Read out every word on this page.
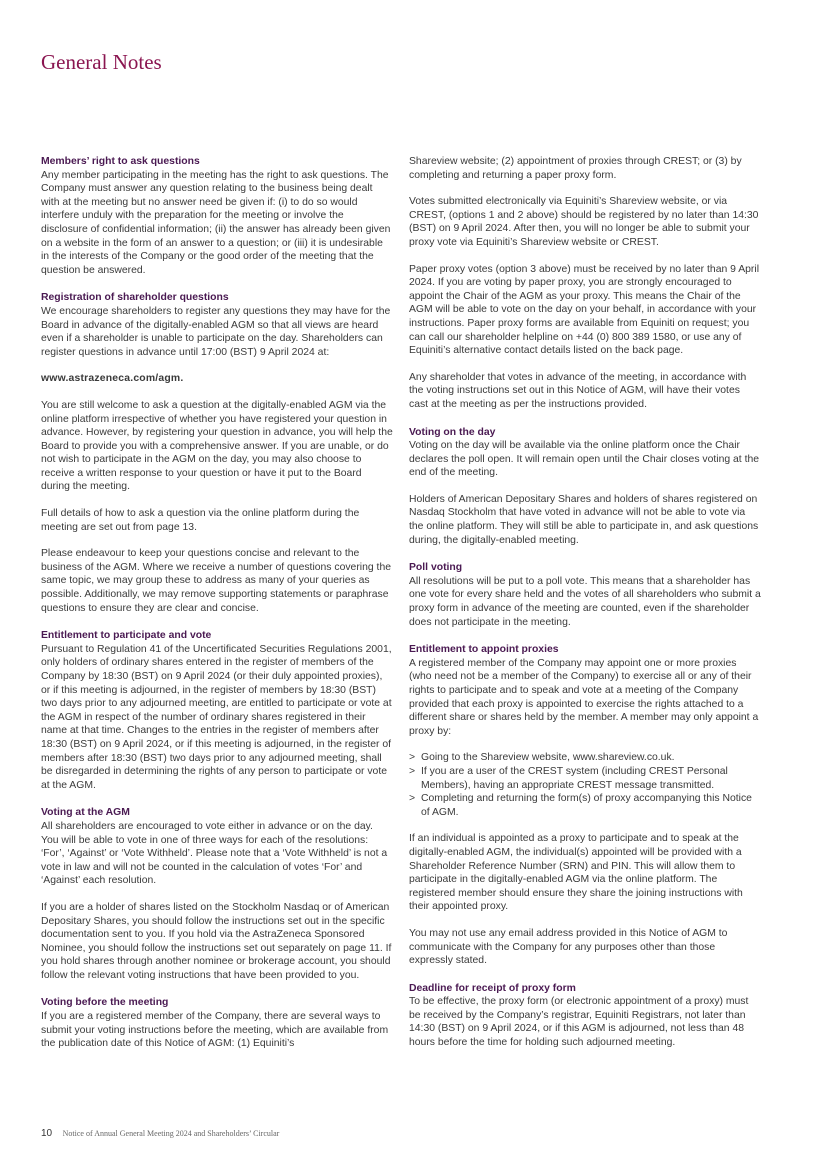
General Notes
Members’ right to ask questions

Any member participating in the meeting has the right to ask questions. The Company must answer any question relating to the business being dealt with at the meeting but no answer need be given if: (i) to do so would interfere unduly with the preparation for the meeting or involve the disclosure of confidential information; (ii) the answer has already been given on a website in the form of an answer to a question; or (iii) it is undesirable in the interests of the Company or the good order of the meeting that the question be answered.

Registration of shareholder questions

We encourage shareholders to register any questions they may have for the Board in advance of the digitally-enabled AGM so that all views are heard even if a shareholder is unable to participate on the day. Shareholders can register questions in advance until 17:00 (BST) 9 April 2024 at:

www.astrazeneca.com/agm.

You are still welcome to ask a question at the digitally-enabled AGM via the online platform irrespective of whether you have registered your question in advance. However, by registering your question in advance, you will help the Board to provide you with a comprehensive answer. If you are unable, or do not wish to participate in the AGM on the day, you may also choose to receive a written response to your question or have it put to the Board during the meeting.

Full details of how to ask a question via the online platform during the meeting are set out from page 13.

Please endeavour to keep your questions concise and relevant to the business of the AGM. Where we receive a number of questions covering the same topic, we may group these to address as many of your queries as possible. Additionally, we may remove supporting statements or paraphrase questions to ensure they are clear and concise.

Entitlement to participate and vote

Pursuant to Regulation 41 of the Uncertificated Securities Regulations 2001, only holders of ordinary shares entered in the register of members of the Company by 18:30 (BST) on 9 April 2024 (or their duly appointed proxies), or if this meeting is adjourned, in the register of members by 18:30 (BST) two days prior to any adjourned meeting, are entitled to participate or vote at the AGM in respect of the number of ordinary shares registered in their name at that time. Changes to the entries in the register of members after 18:30 (BST) on 9 April 2024, or if this meeting is adjourned, in the register of members after 18:30 (BST) two days prior to any adjourned meeting, shall be disregarded in determining the rights of any person to participate or vote at the AGM.

Voting at the AGM

All shareholders are encouraged to vote either in advance or on the day. You will be able to vote in one of three ways for each of the resolutions: ‘For’, ‘Against’ or ‘Vote Withheld’. Please note that a ‘Vote Withheld’ is not a vote in law and will not be counted in the calculation of votes ‘For’ and ‘Against’ each resolution.

If you are a holder of shares listed on the Stockholm Nasdaq or of American Depositary Shares, you should follow the instructions set out in the specific documentation sent to you. If you hold via the AstraZeneca Sponsored Nominee, you should follow the instructions set out separately on page 11. If you hold shares through another nominee or brokerage account, you should follow the relevant voting instructions that have been provided to you.

Voting before the meeting

If you are a registered member of the Company, there are several ways to submit your voting instructions before the meeting, which are available from the publication date of this Notice of AGM: (1) Equiniti’s

Shareview website; (2) appointment of proxies through CREST; or (3) by completing and returning a paper proxy form.

Votes submitted electronically via Equiniti’s Shareview website, or via CREST, (options 1 and 2 above) should be registered by no later than 14:30 (BST) on 9 April 2024. After then, you will no longer be able to submit your proxy vote via Equiniti’s Shareview website or CREST.

Paper proxy votes (option 3 above) must be received by no later than 9 April 2024. If you are voting by paper proxy, you are strongly encouraged to appoint the Chair of the AGM as your proxy. This means the Chair of the AGM will be able to vote on the day on your behalf, in accordance with your instructions. Paper proxy forms are available from Equiniti on request; you can call our shareholder helpline on +44 (0) 800 389 1580, or use any of Equiniti’s alternative contact details listed on the back page.

Any shareholder that votes in advance of the meeting, in accordance with the voting instructions set out in this Notice of AGM, will have their votes cast at the meeting as per the instructions provided.

Voting on the day

Voting on the day will be available via the online platform once the Chair declares the poll open. It will remain open until the Chair closes voting at the end of the meeting.

Holders of American Depositary Shares and holders of shares registered on Nasdaq Stockholm that have voted in advance will not be able to vote via the online platform. They will still be able to participate in, and ask questions during, the digitally-enabled meeting.

Poll voting

All resolutions will be put to a poll vote. This means that a shareholder has one vote for every share held and the votes of all shareholders who submit a proxy form in advance of the meeting are counted, even if the shareholder does not participate in the meeting.

Entitlement to appoint proxies

A registered member of the Company may appoint one or more proxies (who need not be a member of the Company) to exercise all or any of their rights to participate and to speak and vote at a meeting of the Company provided that each proxy is appointed to exercise the rights attached to a different share or shares held by the member. A member may only appoint a proxy by:

> Going to the Shareview website, www.shareview.co.uk.
> If you are a user of the CREST system (including CREST Personal Members), having an appropriate CREST message transmitted.
> Completing and returning the form(s) of proxy accompanying this Notice of AGM.

If an individual is appointed as a proxy to participate and to speak at the digitally-enabled AGM, the individual(s) appointed will be provided with a Shareholder Reference Number (SRN) and PIN. This will allow them to participate in the digitally-enabled AGM via the online platform. The registered member should ensure they share the joining instructions with their appointed proxy.

You may not use any email address provided in this Notice of AGM to communicate with the Company for any purposes other than those expressly stated.

Deadline for receipt of proxy form

To be effective, the proxy form (or electronic appointment of a proxy) must be received by the Company’s registrar, Equiniti Registrars, not later than 14:30 (BST) on 9 April 2024, or if this AGM is adjourned, not less than 48 hours before the time for holding such adjourned meeting.

10 Notice of Annual General Meeting 2024 and Shareholders’ Circular
